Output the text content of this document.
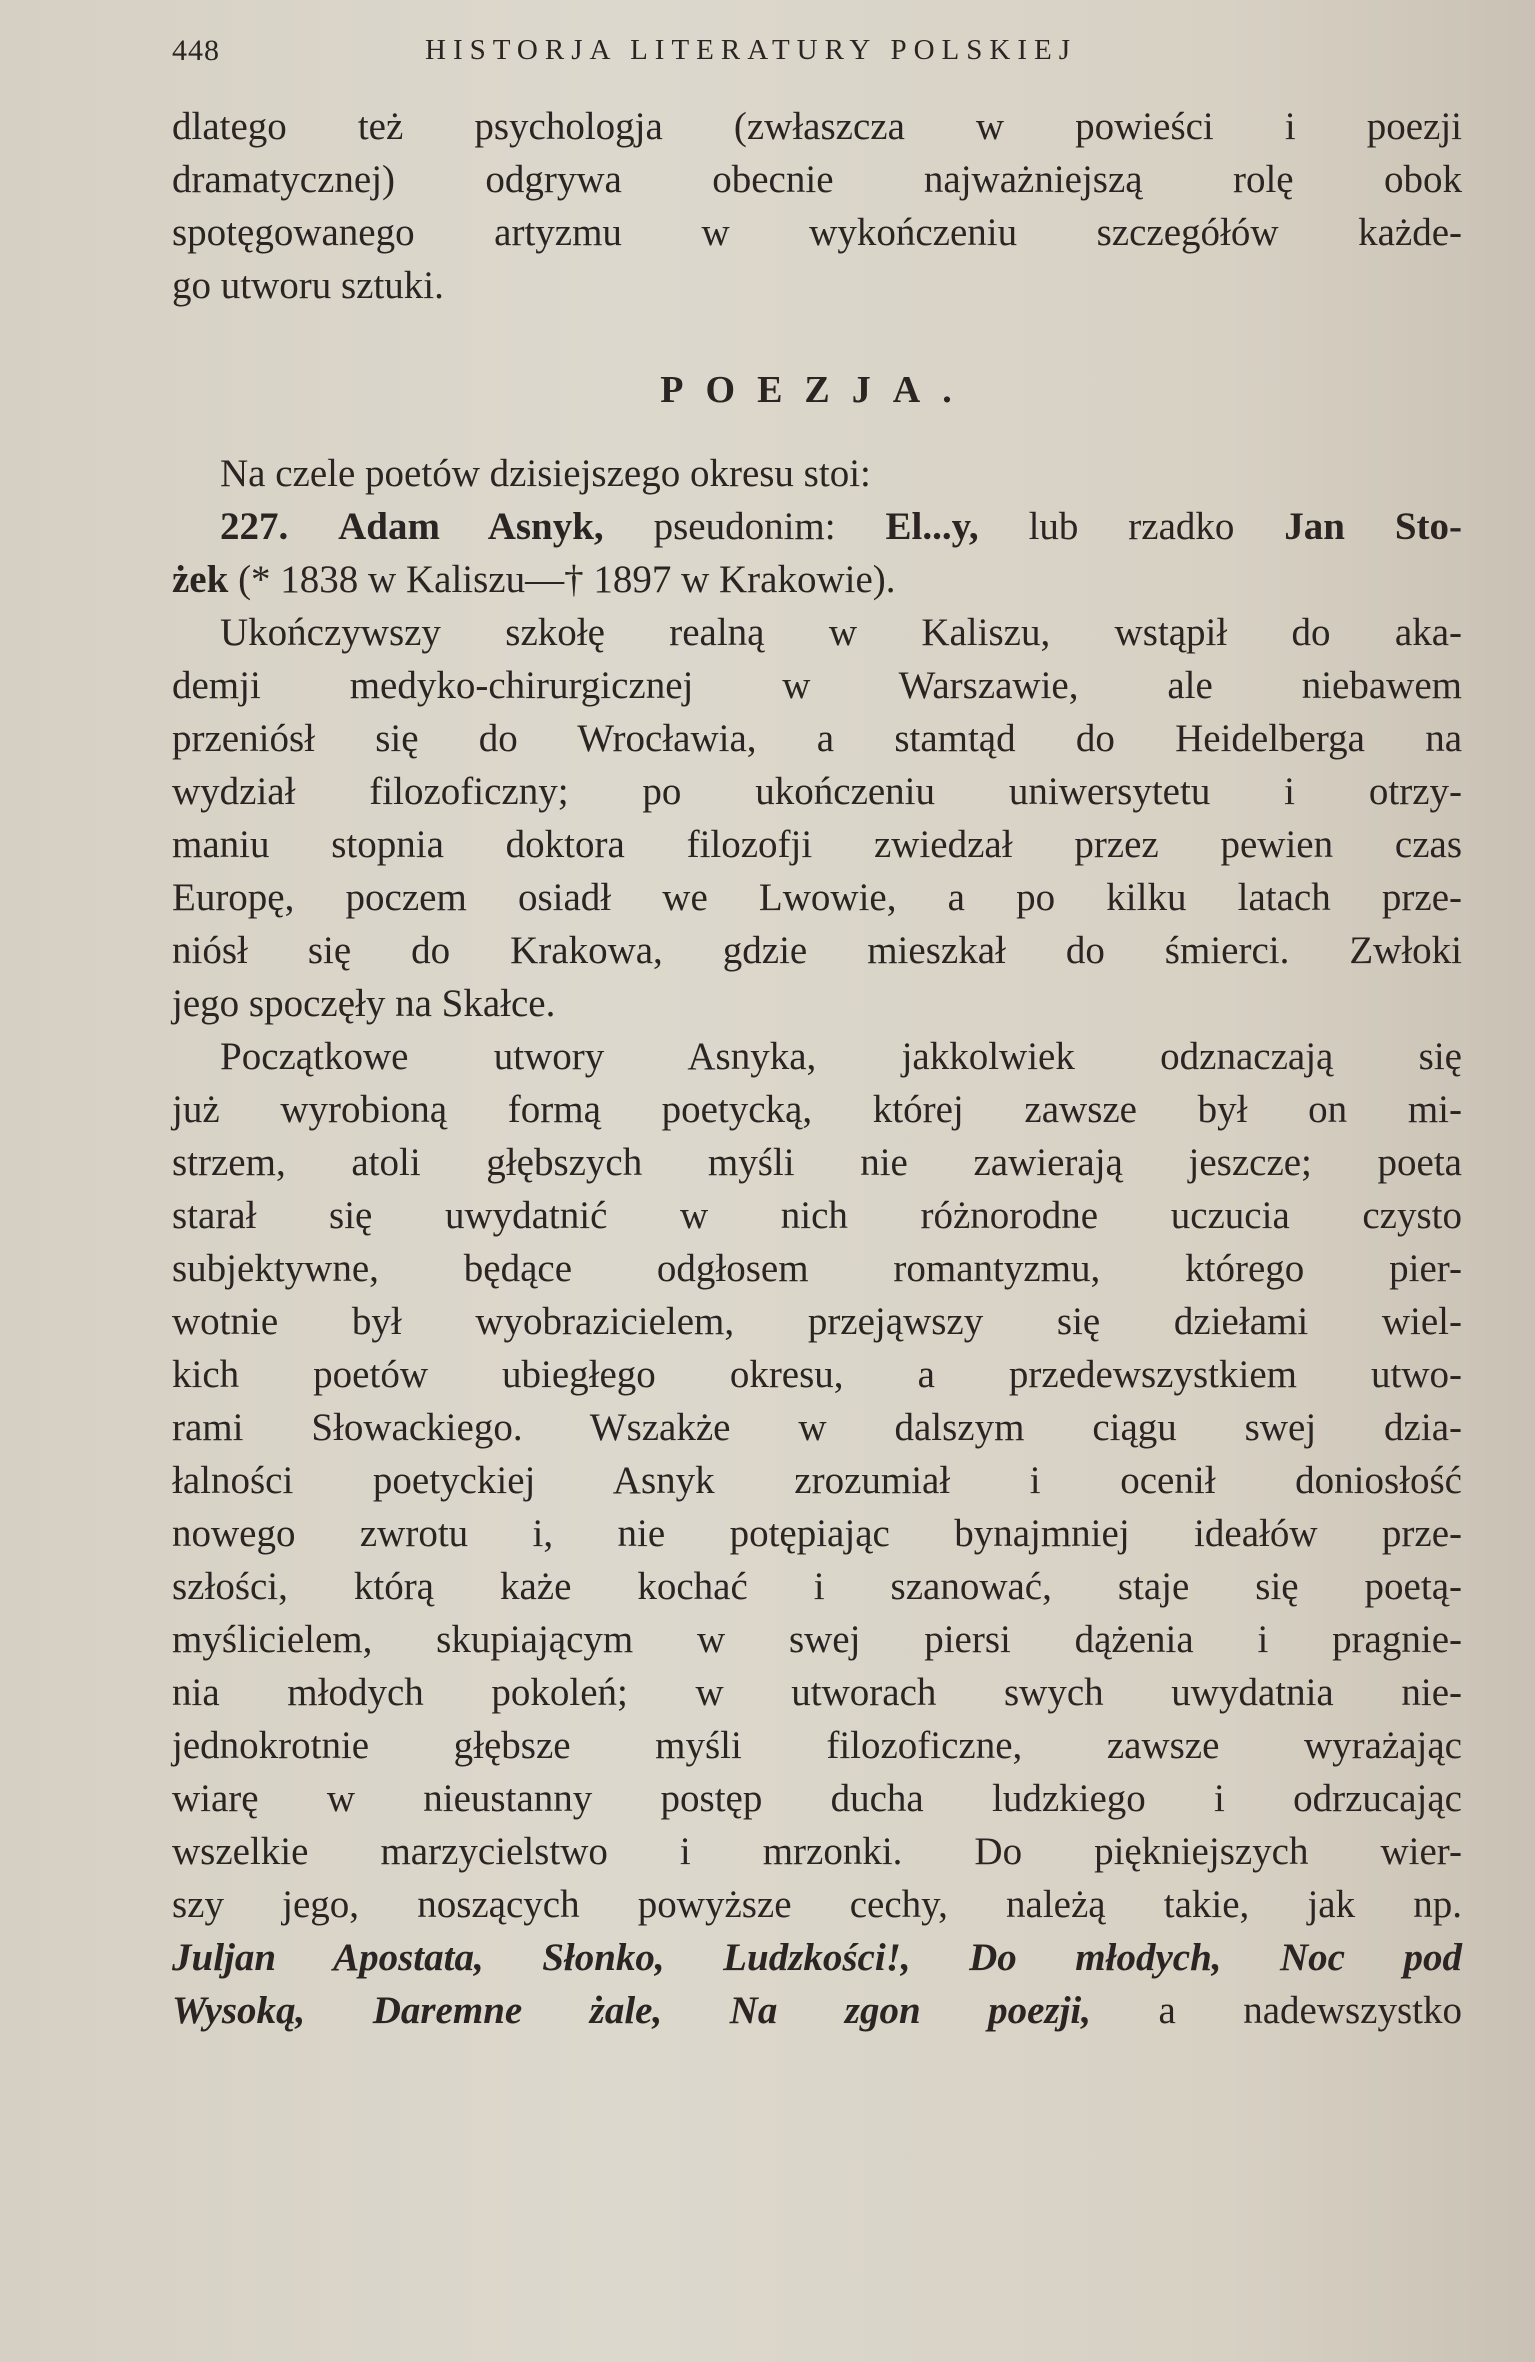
448	HISTORJA LITERATURY POLSKIEJ
dlatego też psychologja (zwłaszcza w powieści i poezji
dramatycznej) odgrywa obecnie najważniejszą rolę obok
spotęgowanego artyzmu w wykończeniu szczegółów każde-
go utworu sztuki.
POEZJA.
Na czele poetów dzisiejszego okresu stoi:
227. Adam Asnyk, pseudonim: El...y, lub rzadko Jan Sto-
żek (* 1838 w Kaliszu—† 1897 w Krakowie).
Ukończywszy szkołę realną w Kaliszu, wstąpił do aka-
demji medyko-chirurgicznej w Warszawie, ale niebawem
przeniósł się do Wrocławia, a stamtąd do Heidelberga na
wydział filozoficzny; po ukończeniu uniwersytetu i otrzy-
maniu stopnia doktora filozofji zwiedzał przez pewien czas
Europę, poczem osiadł we Lwowie, a po kilku latach prze-
niósł się do Krakowa, gdzie mieszkał do śmierci. Zwłoki
jego spoczęły na Skałce.
Początkowe utwory Asnyka, jakkolwiek odznaczają się
już wyrobioną formą poetycką, której zawsze był on mi-
strzem, atoli głębszych myśli nie zawierają jeszcze; poeta
starał się uwydatnić w nich różnorodne uczucia czysto
subjektywne, będące odgłosem romantyzmu, którego pier-
wotnie był wyobrazicielem, przejąwszy się dziełami wiel-
kich poetów ubiegłego okresu, a przedewszystkiem utwo-
rami Słowackiego. Wszakże w dalszym ciągu swej dzia-
łalności poetyckiej Asnyk zrozumiał i ocenił doniosłość
nowego zwrotu i, nie potępiając bynajmniej ideałów prze-
szłości, którą każe kochać i szanować, staje się poetą-
myślicielem, skupiającym w swej piersi dążenia i pragnie-
nia młodych pokoleń; w utworach swych uwydatnia nie-
jednokrotnie głębsze myśli filozoficzne, zawsze wyrażając
wiarę w nieustanny postęp ducha ludzkiego i odrzucając
wszelkie marzycielstwo i mrzonki. Do piękniejszych wier-
szy jego, noszących powyższe cechy, należą takie, jak np.
Juljan Apostata, Słonko, Ludzkości!, Do młodych, Noc pod
Wysoką, Daremne żale, Na zgon poezji, a nadewszystko
